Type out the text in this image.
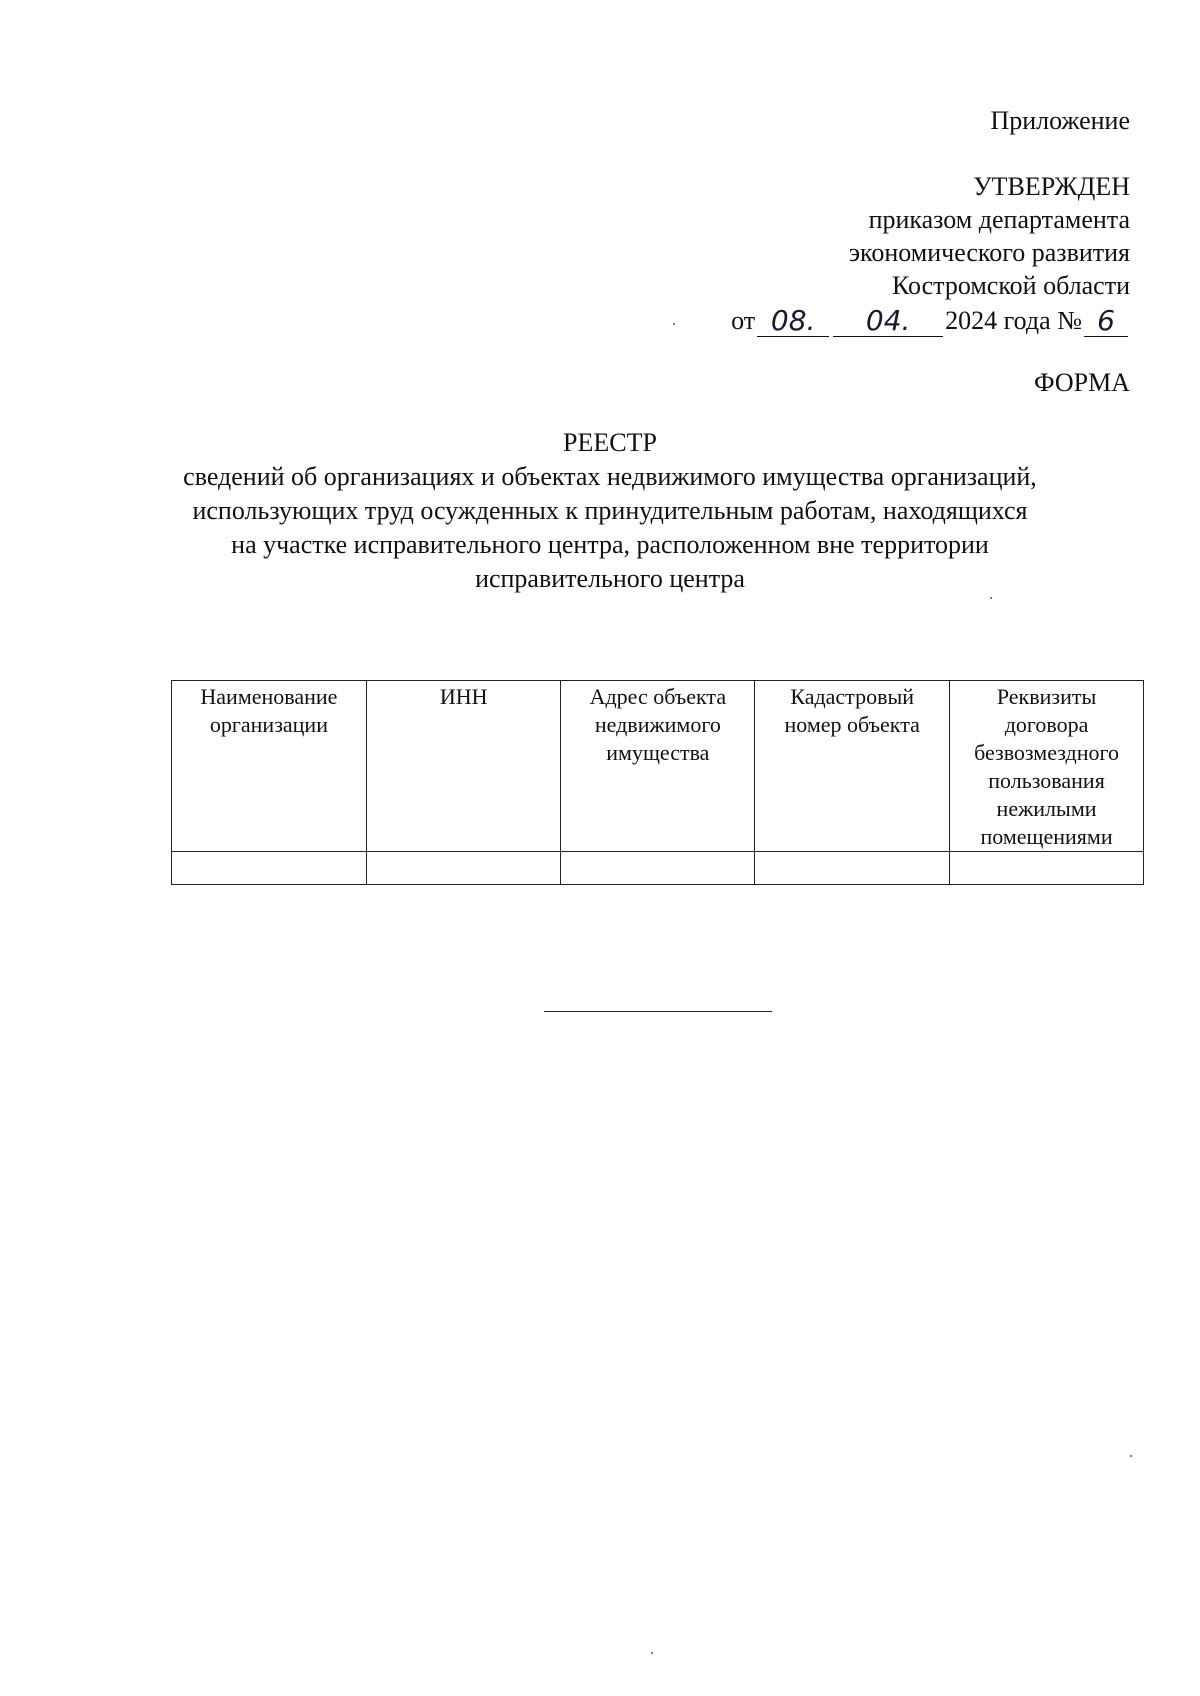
Приложение
УТВЕРЖДЕН
приказом департамента
экономического развития
Костромской области
от 08.	04.	2024 года № 6
ФОРМА
РЕЕСТР
сведений об организациях и объектах недвижимого имущества организаций,
использующих труд осужденных к принудительным работам, находящихся
на участке исправительного центра, расположенном вне территории
исправительного центра
Наименование организации	ИНН	Адрес объекта недвижимого имущества	Кадастровый номер объекта	Реквизиты договора безвозмездного пользования нежилыми помещениями
